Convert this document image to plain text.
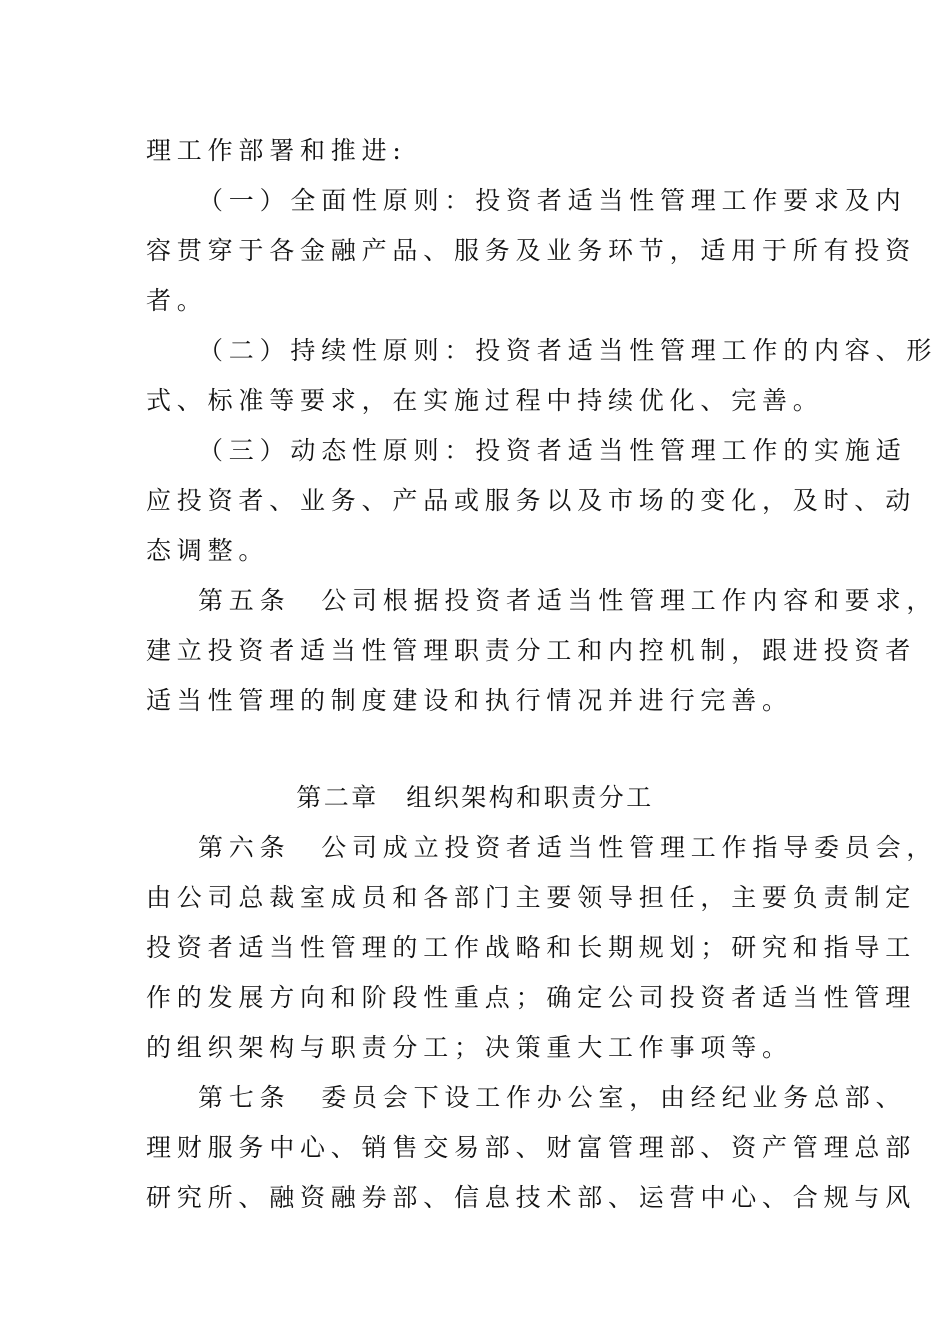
理工作部署和推进:
（一）全面性原则：投资者适当性管理工作要求及内
容贯穿于各金融产品、服务及业务环节，适用于所有投资
者。
（二）持续性原则：投资者适当性管理工作的内容、形
式、标准等要求，在实施过程中持续优化、完善。
（三）动态性原则：投资者适当性管理工作的实施适
应投资者、业务、产品或服务以及市场的变化，及时、动
态调整。
第五条　公司根据投资者适当性管理工作内容和要求，
建立投资者适当性管理职责分工和内控机制，跟进投资者
适当性管理的制度建设和执行情况并进行完善。
第二章　组织架构和职责分工
第六条　公司成立投资者适当性管理工作指导委员会，
由公司总裁室成员和各部门主要领导担任，主要负责制定
投资者适当性管理的工作战略和长期规划；研究和指导工
作的发展方向和阶段性重点；确定公司投资者适当性管理
的组织架构与职责分工；决策重大工作事项等。
第七条　委员会下设工作办公室，由经纪业务总部、
理财服务中心、销售交易部、财富管理部、资产管理总部
研究所、融资融券部、信息技术部、运营中心、合规与风
